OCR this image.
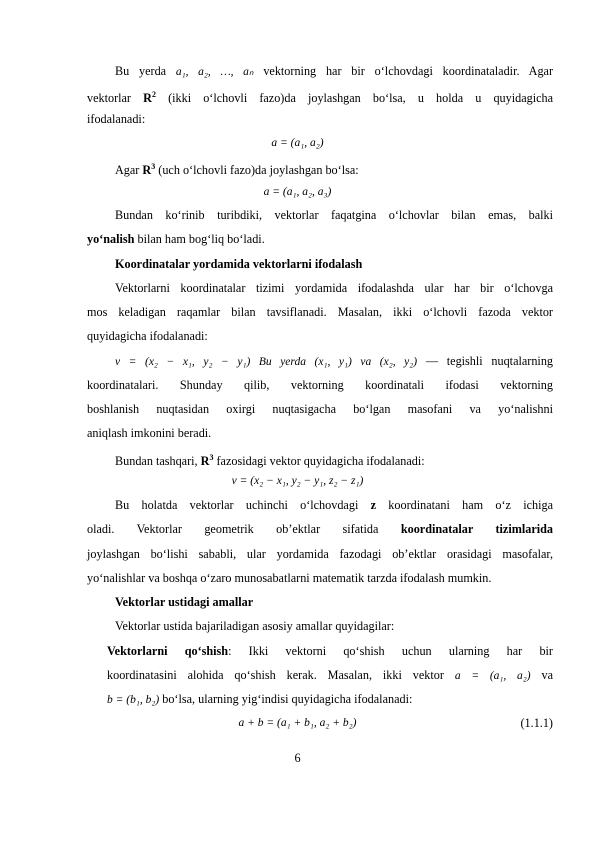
Bu yerda a₁, a₂, …, aₙ vektorning har bir o‘lchovdagi koordinataladir. Agar
vektorlar $R^2$ (ikki o‘lchovli fazo)da joylashgan bo‘lsa, u holda u quyidagicha
ifodalanadi:
a = (a₁, a₂)
Agar $R^3$ (uch o‘lchovli fazo)da joylashgan bo‘lsa:
a = (a₁, a₂, a₃)
Bundan ko‘rinib turibdiki, vektorlar faqatgina o‘lchovlar bilan emas, balki
yo‘nalish bilan ham bog‘liq bo‘ladi.
Koordinatalar yordamida vektorlarni ifodalash
Vektorlarni koordinatalar tizimi yordamida ifodalashda ular har bir o‘lchovga
mos keladigan raqamlar bilan tavsiflanadi. Masalan, ikki o‘lchovli fazoda vektor
quyidagicha ifodalanadi:
v = (x₂ − x₁, y₂ − y₁) Bu yerda (x₁, y₁) va (x₂, y₂) — tegishli nuqtalarning
koordinatalari. Shunday qilib, vektorning koordinatali ifodasi vektorning
boshlanish nuqtasidan oxirgi nuqtasigacha bo‘lgan masofani va yo‘nalishni
aniqlash imkonini beradi.
Bundan tashqari, $R^3$ fazosidagi vektor quyidagicha ifodalanadi:
v = (x₂ − x₁, y₂ − y₁, z₂ − z₁)
Bu holatda vektorlar uchinchi o‘lchovdagi z koordinatani ham o‘z ichiga
oladi. Vektorlar geometrik ob’ektlar sifatida koordinatalar tizimlarida
joylashgan bo‘lishi sababli, ular yordamida fazodagi ob’ektlar orasidagi masofalar,
yo‘nalishlar va boshqa o‘zaro munosabatlarni matematik tarzda ifodalash mumkin.
Vektorlar ustidagi amallar
Vektorlar ustida bajariladigan asosiy amallar quyidagilar:
Vektorlarni qo‘shish: Ikki vektorni qo‘shish uchun ularning har bir
koordinatasini alohida qo‘shish kerak. Masalan, ikki vektor a = (a₁, a₂) va
b = (b₁, b₂) bo‘lsa, ularning yig‘indisi quyidagicha ifodalanadi:
a + b = (a₁ + b₁, a₂ + b₂)	(1.1.1)
6
